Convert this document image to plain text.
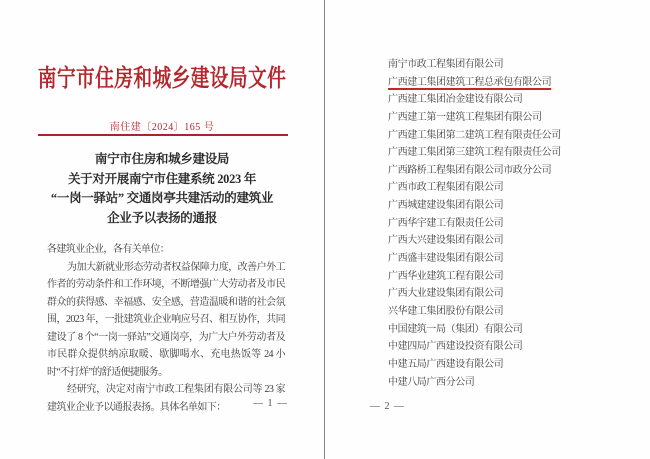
南宁市住房和城乡建设局文件
南住建〔2024〕165 号
南宁市住房和城乡建设局
关于对开展南宁市住建系统 2023 年
“一岗一驿站” 交通岗亭共建活动的建筑业
企业予以表扬的通报

各建筑业企业，各有关单位：

为加大新就业形态劳动者权益保障力度，改善户外工作者的劳动条件和工作环境，不断增强广大劳动者及市民群众的获得感、幸福感、安全感，营造温暖和谐的社会氛围，2023 年，一批建筑业企业响应号召、相互协作，共同建设了 8 个“一岗一驿站”交通岗亭，为广大户外劳动者及市民群众提供纳凉取暖、歇脚喝水、充电热饭等 24 小时“不打烊”的舒适便捷服务。

经研究，决定对南宁市政工程集团有限公司等 23 家建筑业企业予以通报表扬。具体名单如下：	— 1 —
南宁市政工程集团有限公司
广西建工集团建筑工程总承包有限公司
广西建工集团冶金建设有限公司
广西建工第一建筑工程集团有限公司
广西建工集团第二建筑工程有限责任公司
广西建工集团第三建筑工程有限责任公司
广西路桥工程集团有限公司市政分公司
广西市政工程集团有限公司
广西城建建设集团有限公司
广西华宇建工有限责任公司
广西大兴建设集团有限公司
广西盛丰建设集团有限公司
广西华业建筑工程有限公司
广西大业建设集团有限公司
兴华建工集团股份有限公司
中国建筑一局（集团）有限公司
中建四局广西建设投资有限公司
中建五局广西建设有限公司
中建八局广西分公司
— 2 —
